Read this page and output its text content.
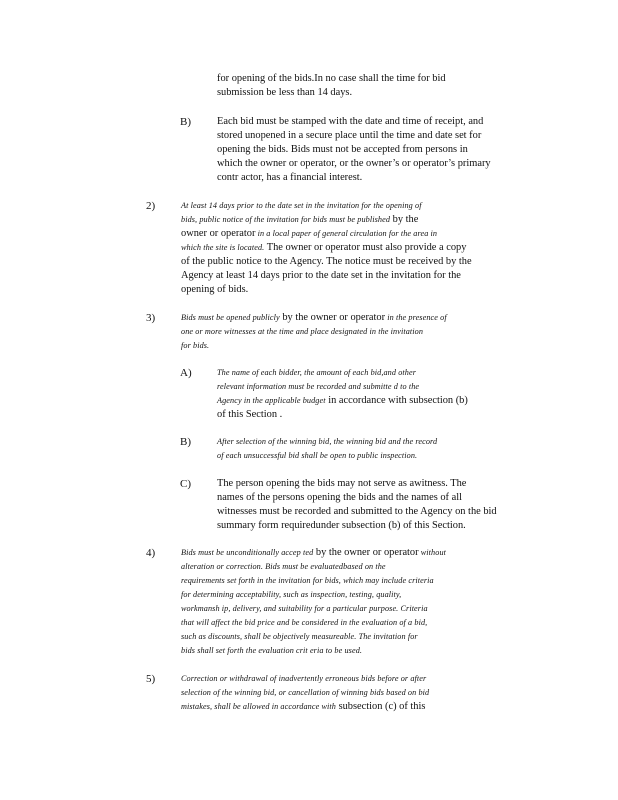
for opening of the bids.In no case shall the time for bid
submission be less than 14 days.
B)	Each bid must be stamped with the date and time of receipt, and
stored unopened in a secure place until the time and date set for
opening the bids. Bids must not be accepted from persons in
which the owner or operator, or the owner’s or operator’s primary
contr actor, has a financial interest.
2)	At least 14 days prior to the date set in the invitation for the opening of
bids, public notice of the invitation for bids must be published by the
owner or operator in a local paper of general circulation for the area in
which the site is located. The owner or operator must also provide a copy
of the public notice to the Agency. The notice must be received by the
Agency at least 14 days prior to the date set in the invitation for the
opening of bids.
3)	Bids must be opened publicly by the owner or operator in the presence of
one or more witnesses at the time and place designated in the invitation
for bids.
A)	The name of each bidder, the amount of each bid,and other
relevant information must be recorded and submitte d to the
Agency in the applicable budget in accordance with subsection (b)
of this Section .
B)	After selection of the winning bid, the winning bid and the record
of each unsuccessful bid shall be open to public inspection.
C)	The person opening the bids may not serve as awitness. The
names of the persons opening the bids and the names of all
witnesses must be recorded and submitted to the Agency on the bid
summary form requiredunder subsection (b) of this Section.
4)	Bids must be unconditionally accep ted by the owner or operator without
alteration or correction. Bids must be evaluatedbased on the
requirements set forth in the invitation for bids, which may include criteria
for determining acceptability, such as inspection, testing, quality,
workmansh ip, delivery, and suitability for a particular purpose. Criteria
that will affect the bid price and be considered in the evaluation of a bid,
such as discounts, shall be objectively measureable. The invitation for
bids shall set forth the evaluation crit eria to be used.
5)	Correction or withdrawal of inadvertently erroneous bids before or after
selection of the winning bid, or cancellation of winning bids based on bid
mistakes, shall be allowed in accordance with subsection (c) of this
